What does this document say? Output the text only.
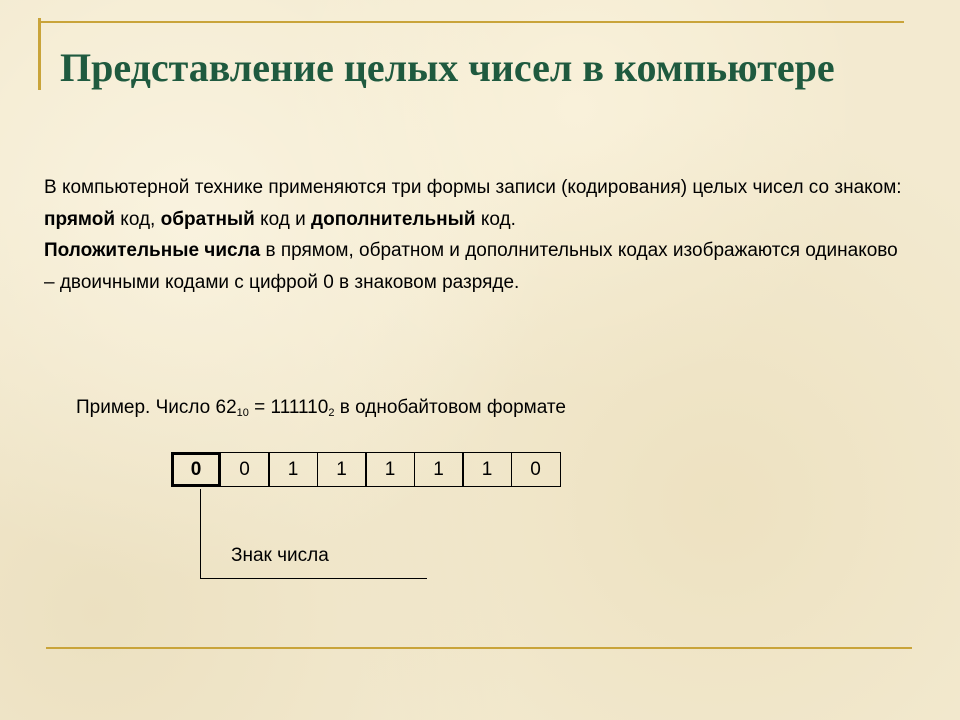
Представление целых чисел в компьютере

В компьютерной технике применяются три формы записи (кодирования) целых чисел со знаком: прямой код, обратный код и дополнительный код.

Положительные числа в прямом, обратном и дополнительных кодах изображаются одинаково – двоичными кодами с цифрой 0 в знаковом разряде.

Пример. Число $62_{10} = 111110_2$ в однобайтовом формате
0	0	1	1	1	1	1	0
Знак числа
